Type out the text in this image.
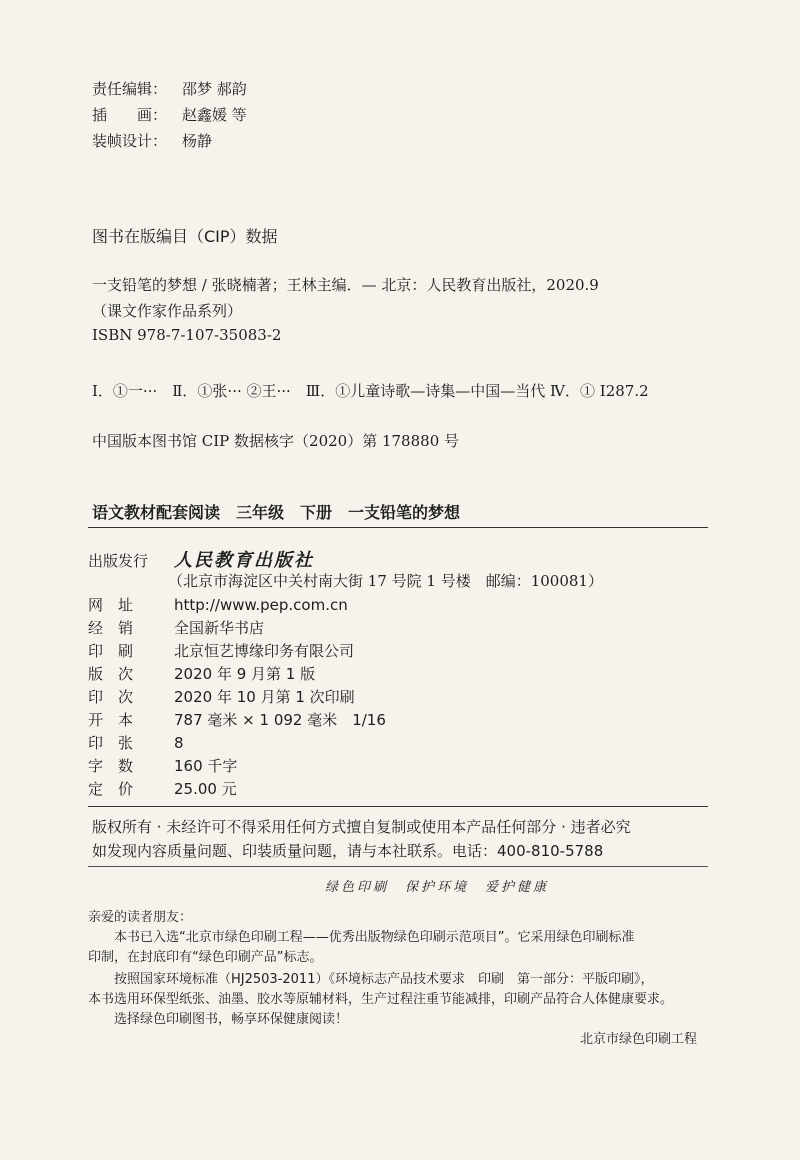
责任编辑： 邵梦 郝韵
插　　画： 赵鑫媛 等
装帧设计： 杨静
图书在版编目（CIP）数据
一支铅笔的梦想 / 张晓楠著；王林主编．— 北京：人民教育出版社，2020.9
（课文作家作品系列）
ISBN 978-7-107-35083-2
Ⅰ．①一···　Ⅱ．①张··· ②王···　Ⅲ．①儿童诗歌—诗集—中国—当代 Ⅳ．① I287.2
中国版本图书馆 CIP 数据核字（2020）第 178880 号
语文教材配套阅读　三年级　下册　一支铅笔的梦想
出版发行 人民教育出版社
（北京市海淀区中关村南大街 17 号院 1 号楼　邮编：100081）
网　址	http://www.pep.com.cn
经　销	全国新华书店
印　刷	北京恒艺博缘印务有限公司
版　次	2020 年 9 月第 1 版
印　次	2020 年 10 月第 1 次印刷
开　本	787 毫米 × 1 092 毫米　1/16
印　张	8
字　数	160 千字
定　价	25.00 元
版权所有 · 未经许可不得采用任何方式擅自复制或使用本产品任何部分 · 违者必究
如发现内容质量问题、印装质量问题，请与本社联系。电话：400-810-5788
绿色印刷　保护环境　爱护健康
亲爱的读者朋友：
本书已入选“北京市绿色印刷工程——优秀出版物绿色印刷示范项目”。它采用绿色印刷标准
印制，在封底印有“绿色印刷产品”标志。
按照国家环境标准（HJ2503-2011）《环境标志产品技术要求　印刷　第一部分：平版印刷》，
本书选用环保型纸张、油墨、胶水等原辅材料，生产过程注重节能减排，印刷产品符合人体健康要求。
选择绿色印刷图书，畅享环保健康阅读！
北京市绿色印刷工程
